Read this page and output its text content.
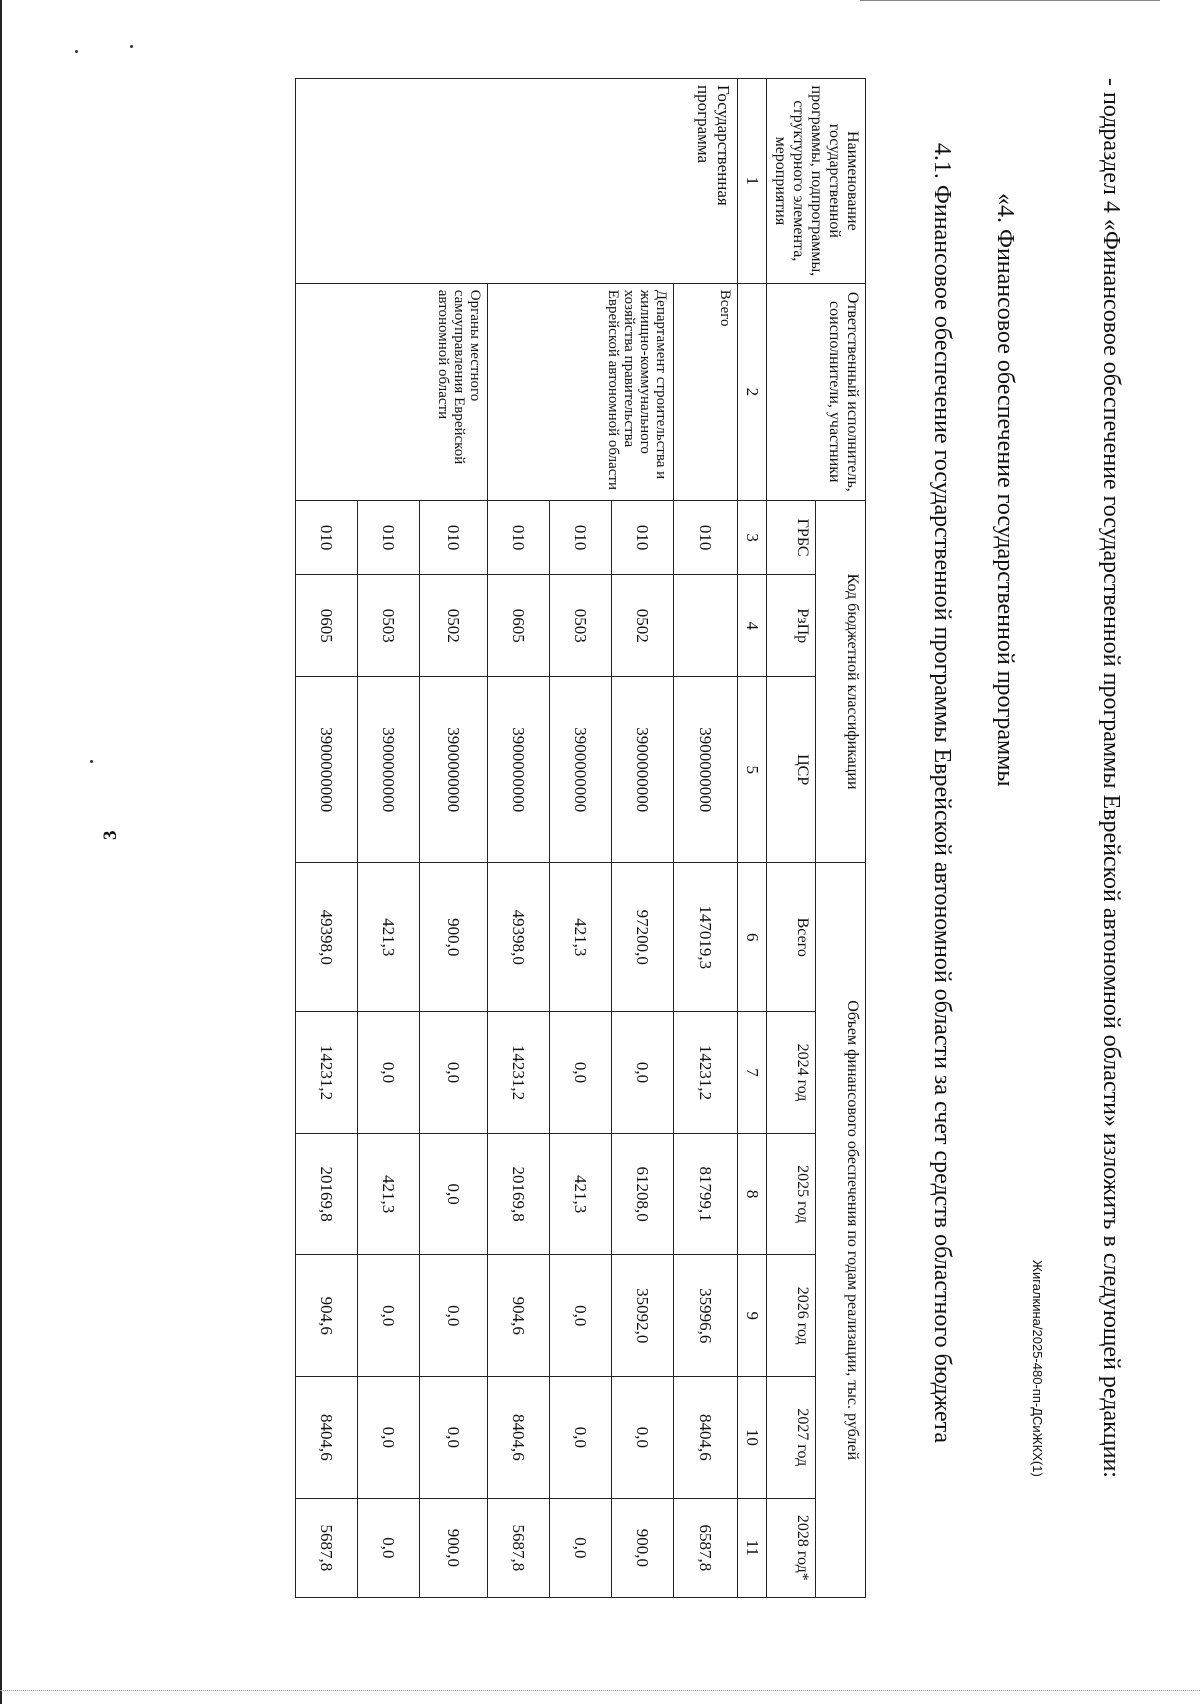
3	- подраздел 4 «Финансовое обеспечение государственной программы Еврейской автономной области» изложить в следующей редакции:
«4. Финансовое обеспечение государственной программы
4.1. Финансовое обеспечение государственной программы Еврейской автономной области за счет средств областного бюджета
Наименование государственной программы, подпрограммы, структурного элемента, мероприятия	Ответственный исполнитель, соисполнители, участники	Код бюджетной классификации			Объем финансового обеспечения по годам реализации, тыс. рублей					
		ГРБС	РзПр	ЦСР	Всего	2024 год	2025 год	2026 год	2027 год	2028 год*
1	2	3	4	5	6	7	8	9	10	11
Государственная программа	Всего	010		3900000000	147019,3	14231,2	81799,1	35996,6	8404,6	6587,8
	Департамент строительства и жилищно-коммунального хозяйства правительства Еврейской автономной области	010	0502	3900000000	97200,0	0,0	61208,0	35092,0	0,0	900,0
		010	0503	3900000000	421,3	0,0	421,3	0,0	0,0	0,0
		010	0605	3900000000	49398,0	14231,2	20169,8	904,6	8404,6	5687,8
	Органы местного самоуправления Еврейской автономной области	010	0502	3900000000	900,0	0,0	0,0	0,0	0,0	900,0
		010	0503	3900000000	421,3	0,0	421,3	0,0	0,0	0,0
		010	0605	3900000000	49398,0	14231,2	20169,8	904,6	8404,6	5687,8
Жигалкина/2025-480-пп-ДСиЖКХ(1)
